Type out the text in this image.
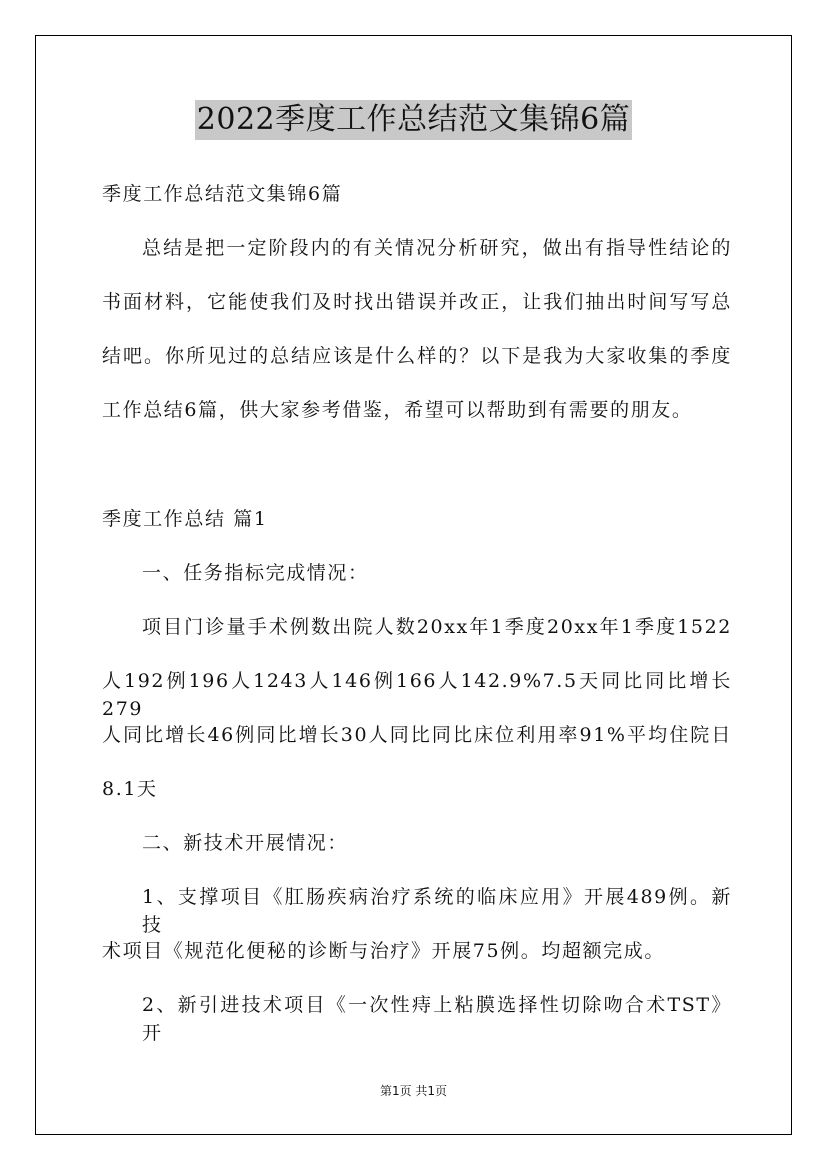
2022季度工作总结范文集锦6篇
季度工作总结范文集锦6篇
总结是把一定阶段内的有关情况分析研究，做出有指导性结论的
书面材料，它能使我们及时找出错误并改正，让我们抽出时间写写总
结吧。你所见过的总结应该是什么样的？以下是我为大家收集的季度
工作总结6篇，供大家参考借鉴，希望可以帮助到有需要的朋友。
季度工作总结 篇1
一、任务指标完成情况：
项目门诊量手术例数出院人数20xx年1季度20xx年1季度1522
人192例196人1243人146例166人142.9%7.5天同比同比增长279
人同比增长46例同比增长30人同比同比床位利用率91%平均住院日
8.1天
二、新技术开展情况：
1、支撑项目《肛肠疾病治疗系统的临床应用》开展489例。新技
术项目《规范化便秘的诊断与治疗》开展75例。均超额完成。
2、新引进技术项目《一次性痔上粘膜选择性切除吻合术TST》开
第1页 共1页
